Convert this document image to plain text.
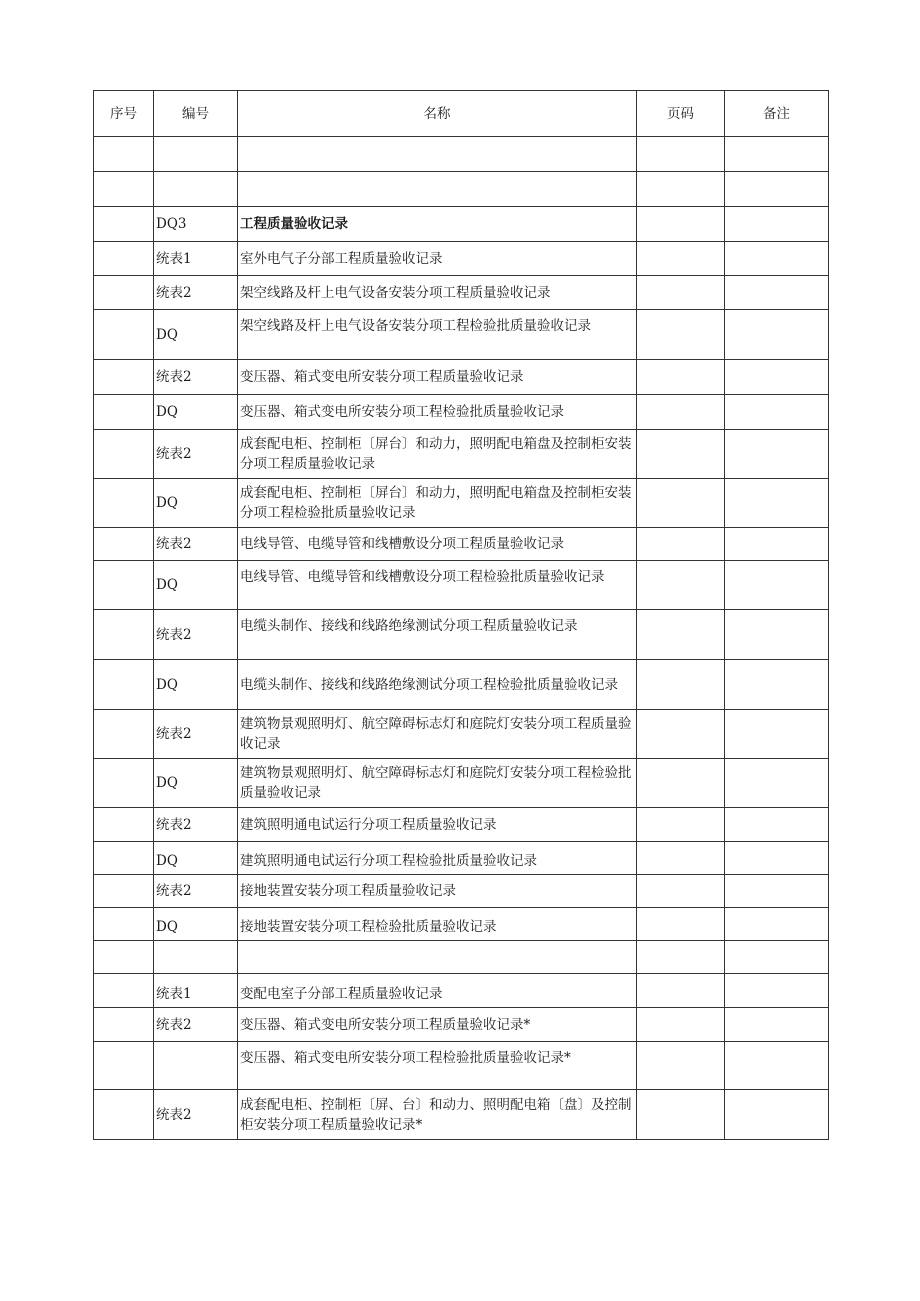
序号	编号	名称	页码	备注

	DQ3	工程质量验收记录		
	统表1	室外电气子分部工程质量验收记录		
	统表2	架空线路及杆上电气设备安装分项工程质量验收记录		
	DQ	架空线路及杆上电气设备安装分项工程检验批质量验收记录		
	统表2	变压器、箱式变电所安装分项工程质量验收记录		
	DQ	变压器、箱式变电所安装分项工程检验批质量验收记录		
	统表2	成套配电柜、控制柜〔屏台〕和动力，照明配电箱盘及控制柜安装分项工程质量验收记录		
	DQ	成套配电柜、控制柜〔屏台〕和动力，照明配电箱盘及控制柜安装分项工程检验批质量验收记录		
	统表2	电线导管、电缆导管和线槽敷设分项工程质量验收记录		
	DQ	电线导管、电缆导管和线槽敷设分项工程检验批质量验收记录		
	统表2	电缆头制作、接线和线路绝缘测试分项工程质量验收记录		
	DQ	电缆头制作、接线和线路绝缘测试分项工程检验批质量验收记录		
	统表2	建筑物景观照明灯、航空障碍标志灯和庭院灯安装分项工程质量验收记录		
	DQ	建筑物景观照明灯、航空障碍标志灯和庭院灯安装分项工程检验批质量验收记录		
	统表2	建筑照明通电试运行分项工程质量验收记录		
	DQ	建筑照明通电试运行分项工程检验批质量验收记录		
	统表2	接地装置安装分项工程质量验收记录		
	DQ	接地装置安装分项工程检验批质量验收记录		

	统表1	变配电室子分部工程质量验收记录		
	统表2	变压器、箱式变电所安装分项工程质量验收记录*		
		变压器、箱式变电所安装分项工程检验批质量验收记录*		
	统表2	成套配电柜、控制柜〔屏、台〕和动力、照明配电箱〔盘〕及控制柜安装分项工程质量验收记录*		
